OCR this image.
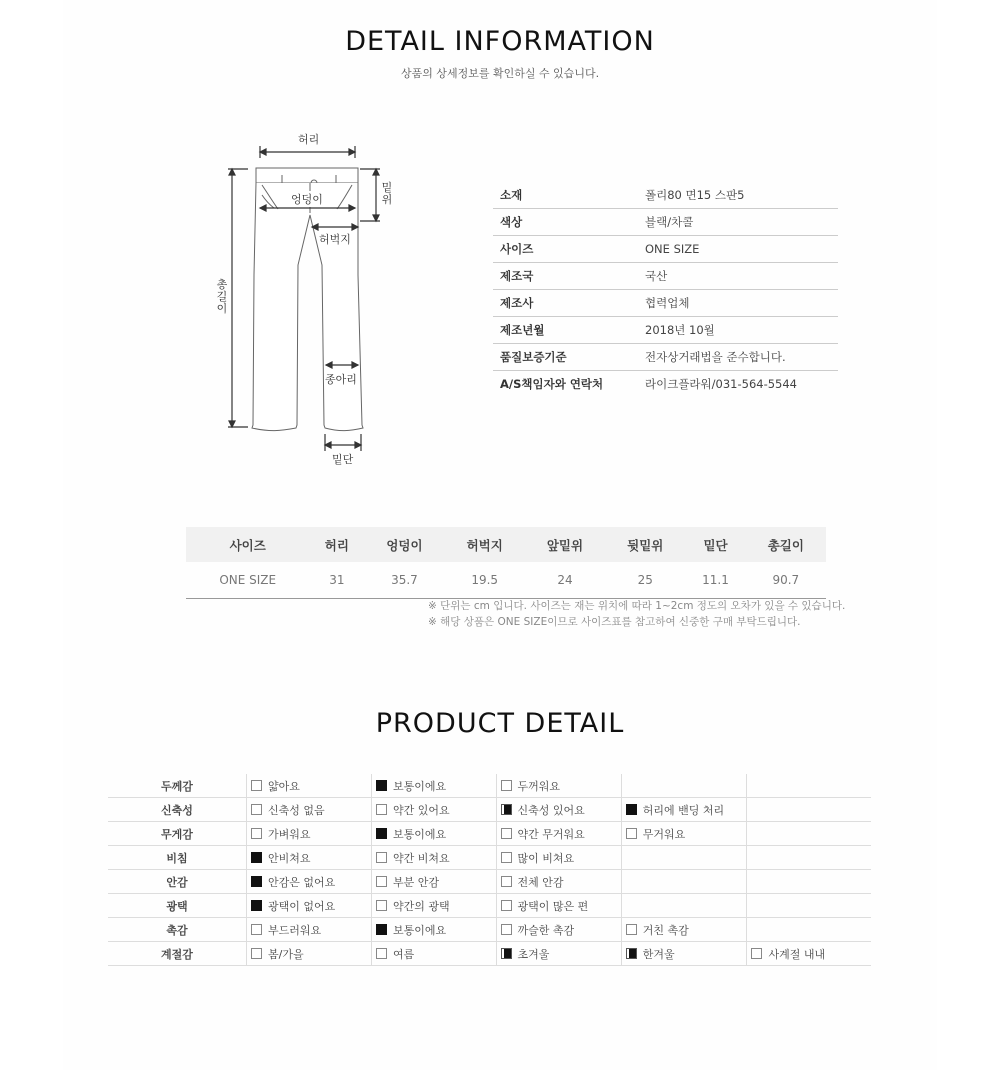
DETAIL INFORMATION
상품의 상세정보를 확인하실 수 있습니다.
허리
엉덩이
허벅지
밑위
총길이
종아리
밑단
소재	폴리80 면15 스판5
색상	블랙/차콜
사이즈	ONE SIZE
제조국	국산
제조사	협력업체
제조년월	2018년 10월
품질보증기준	전자상거래법을 준수합니다.
A/S책임자와 연락처	라이크플라워/031-564-5544
사이즈	허리	엉덩이	허벅지	앞밑위	뒷밑위	밑단	총길이
ONE SIZE	31	35.7	19.5	24	25	11.1	90.7
※ 단위는 cm 입니다. 사이즈는 재는 위치에 따라 1~2cm 정도의 오차가 있을 수 있습니다.
※ 해당 상품은 ONE SIZE이므로 사이즈표를 참고하여 신중한 구매 부탁드립니다.
PRODUCT DETAIL
두께감	얇아요	보통이에요	두꺼워요		
신축성	신축성 없음	약간 있어요	신축성 있어요	허리에 밴딩 처리	
무게감	가벼워요	보통이에요	약간 무거워요	무거워요	
비침	안비쳐요	약간 비쳐요	많이 비쳐요		
안감	안감은 없어요	부분 안감	전체 안감		
광택	광택이 없어요	약간의 광택	광택이 많은 편		
촉감	부드러워요	보통이에요	까슬한 촉감	거친 촉감	
계절감	봄/가을	여름	초겨울	한겨울	사계절 내내
